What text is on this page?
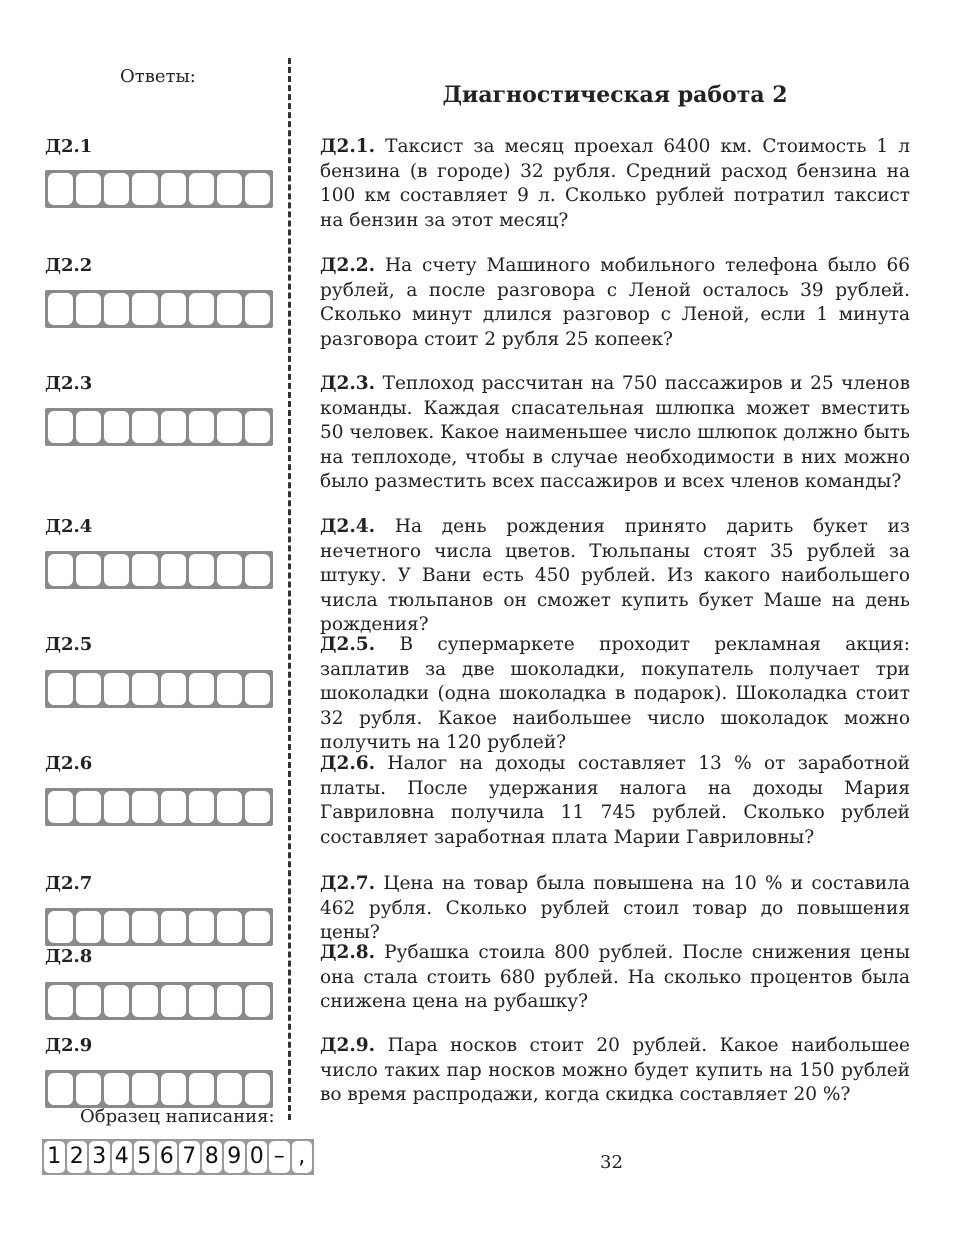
Ответы:
Диагностическая работа 2
Д2.1	Д2.1. Таксист за месяц проехал 6400 км. Стоимость 1 л бензина (в городе) 32 рубля. Средний расход бензина на 100 км составляет 9 л. Сколько рублей потратил таксист на бензин за этот месяц?
Д2.2	Д2.2. На счету Машиного мобильного телефона было 66 рублей, а после разговора с Леной осталось 39 рублей. Сколько минут длился разговор с Леной, если 1 минута разговора стоит 2 рубля 25 копеек?
Д2.3	Д2.3. Теплоход рассчитан на 750 пассажиров и 25 членов команды. Каждая спасательная шлюпка может вместить 50 человек. Какое наименьшее число шлюпок должно быть на теплоходе, чтобы в случае необходимости в них можно было разместить всех пассажиров и всех членов команды?
Д2.4	Д2.4. На день рождения принято дарить букет из нечетного числа цветов. Тюльпаны стоят 35 рублей за штуку. У Вани есть 450 рублей. Из какого наибольшего числа тюльпанов он сможет купить букет Маше на день рождения?
Д2.5	Д2.5. В супермаркете проходит рекламная акция: заплатив за две шоколадки, покупатель получает три шоколадки (одна шоколадка в подарок). Шоколадка стоит 32 рубля. Какое наибольшее число шоколадок можно получить на 120 рублей?
Д2.6	Д2.6. Налог на доходы составляет 13 % от заработной платы. После удержания налога на доходы Мария Гавриловна получила 11 745 рублей. Сколько рублей составляет заработная плата Марии Гавриловны?
Д2.7	Д2.7. Цена на товар была повышена на 10 % и составила 462 рубля. Сколько рублей стоил товар до повышения цены?
Д2.8	Д2.8. Рубашка стоила 800 рублей. После снижения цены она стала стоить 680 рублей. На сколько процентов была снижена цена на рубашку?
Д2.9	Д2.9. Пара носков стоит 20 рублей. Какое наибольшее число таких пар носков можно будет купить на 150 рублей во время распродажи, когда скидка составляет 20 %?
Образец написания:
1 2 3 4 5 6 7 8 9 0 – ,	32
